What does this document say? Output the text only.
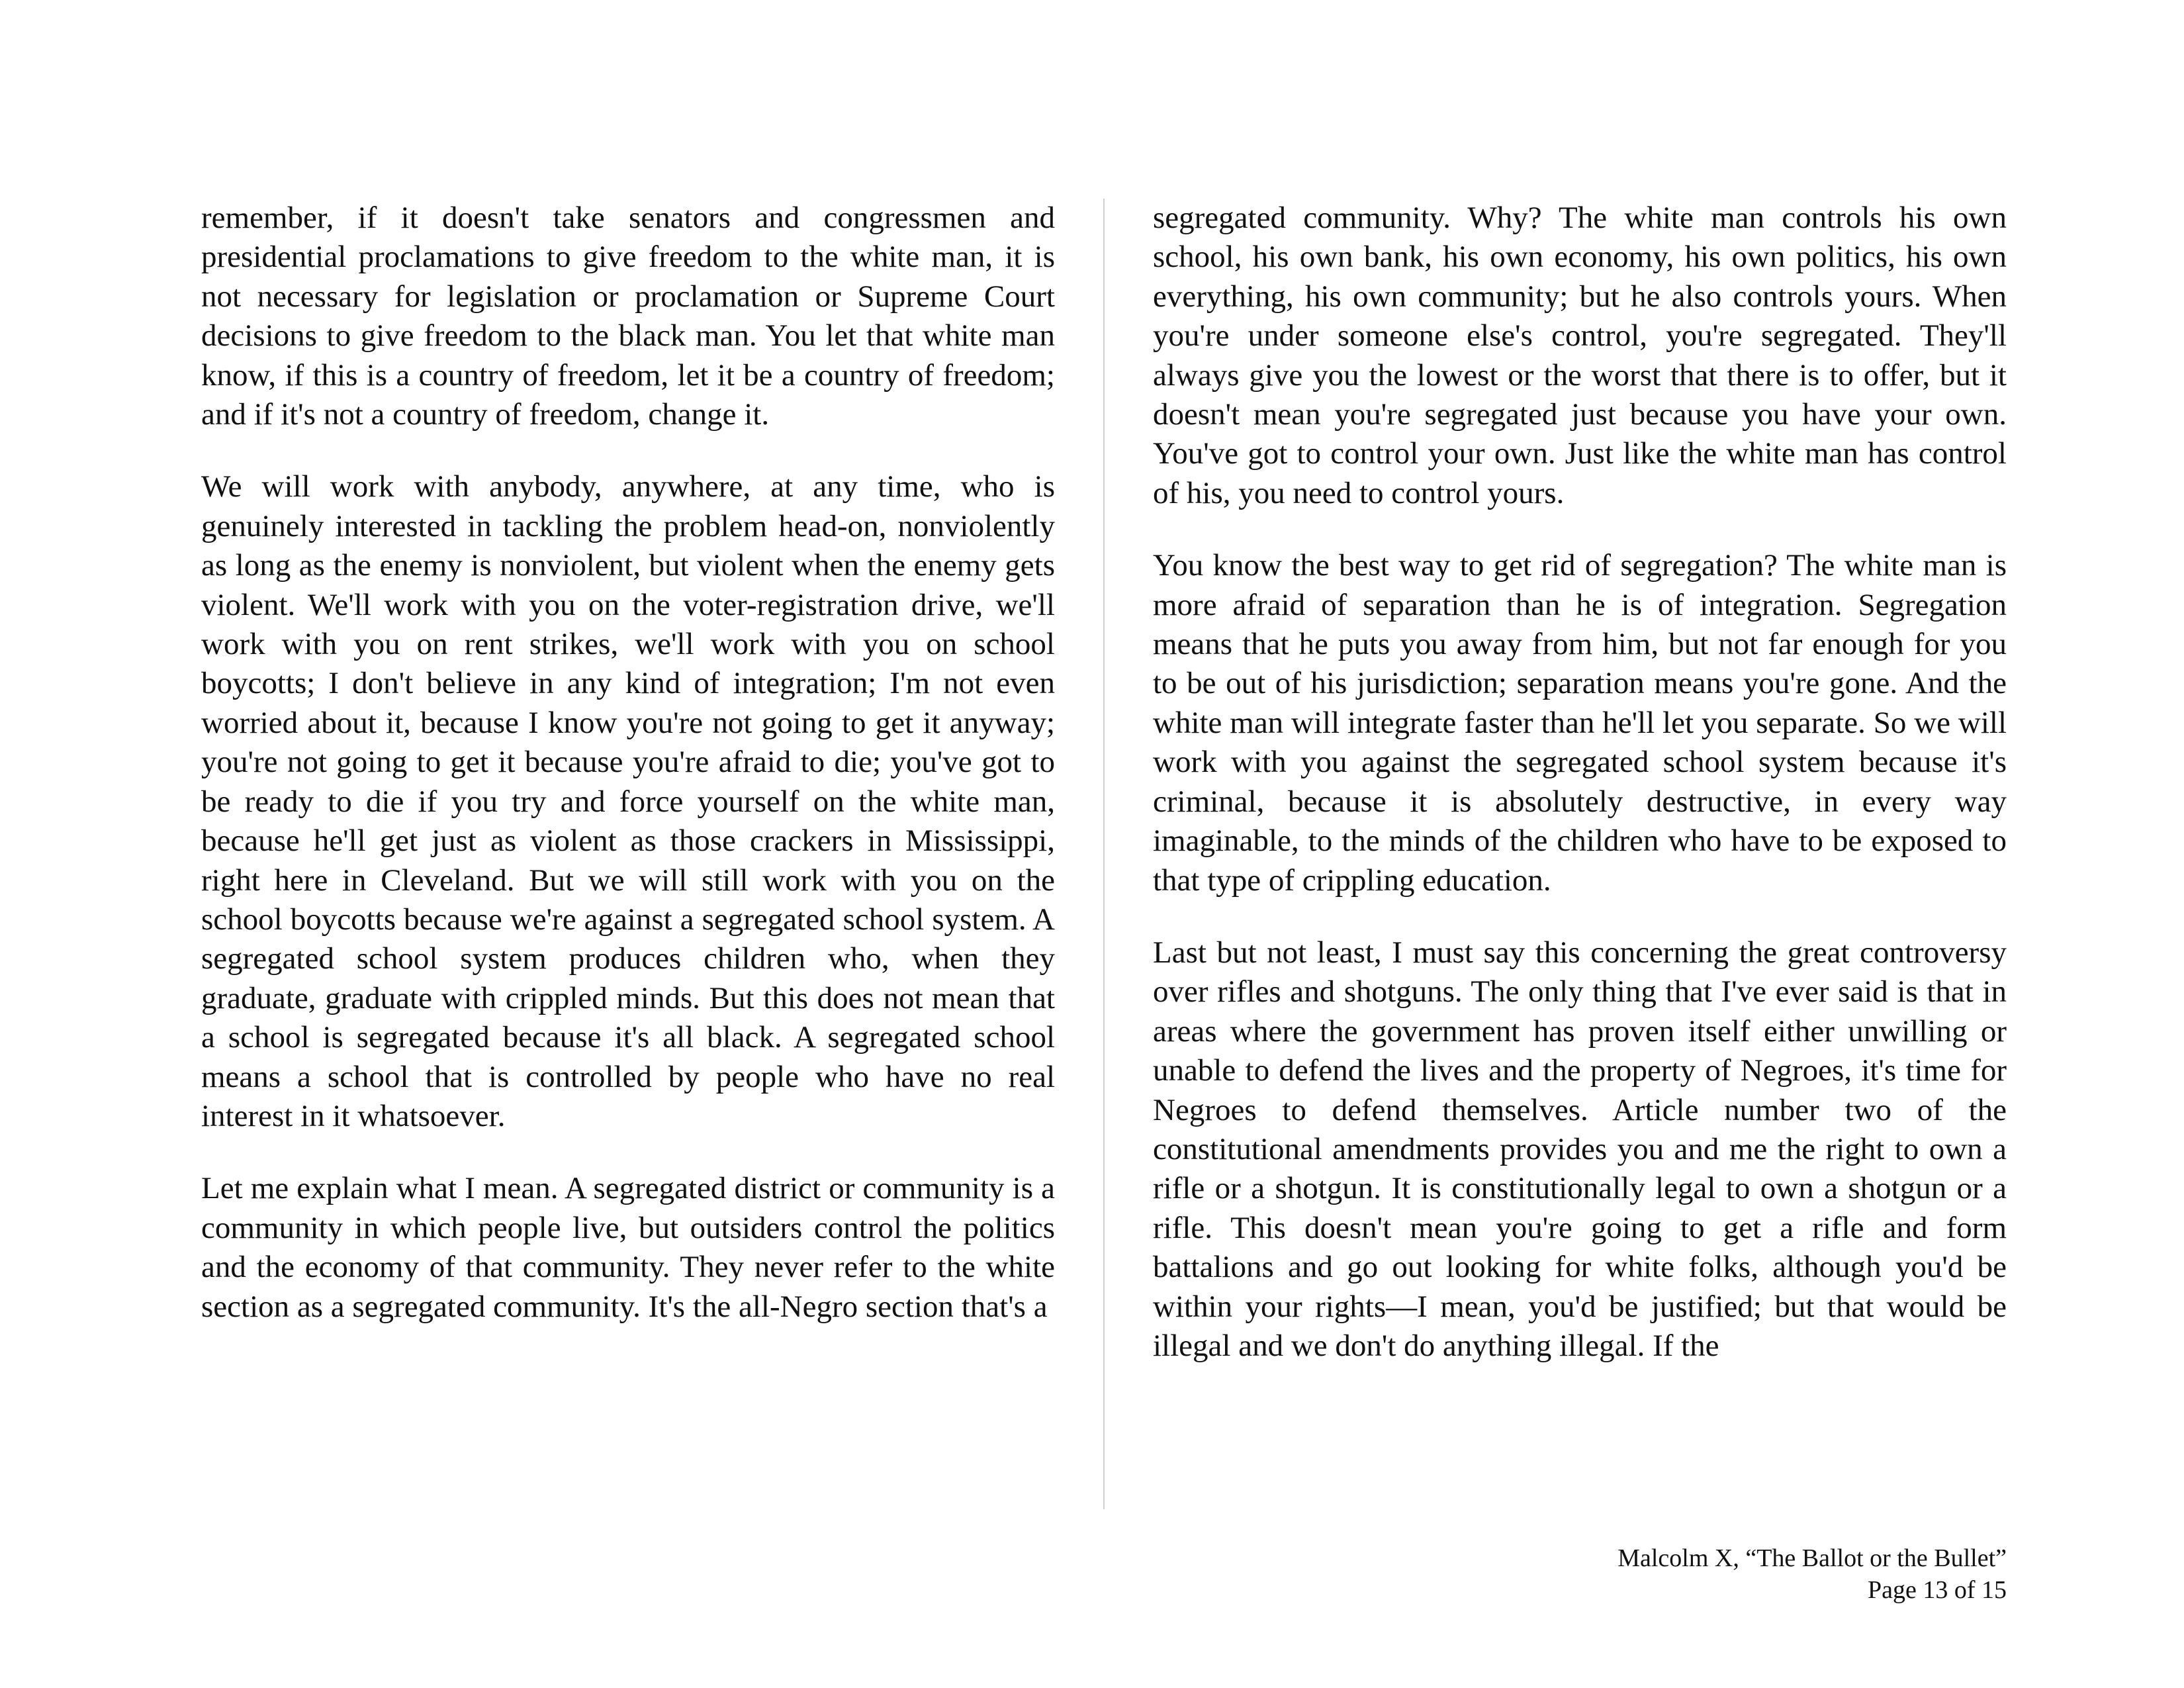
remember, if it doesn't take senators and congressmen and presidential proclamations to give freedom to the white man, it is not necessary for legislation or proclamation or Supreme Court decisions to give freedom to the black man. You let that white man know, if this is a country of freedom, let it be a country of freedom; and if it's not a country of freedom, change it.

We will work with anybody, anywhere, at any time, who is genuinely interested in tackling the problem head-on, nonviolently as long as the enemy is nonviolent, but violent when the enemy gets violent. We'll work with you on the voter-registration drive, we'll work with you on rent strikes, we'll work with you on school boycotts; I don't believe in any kind of integration; I'm not even worried about it, because I know you're not going to get it anyway; you're not going to get it because you're afraid to die; you've got to be ready to die if you try and force yourself on the white man, because he'll get just as violent as those crackers in Mississippi, right here in Cleveland. But we will still work with you on the school boycotts because we're against a segregated school system. A segregated school system produces children who, when they graduate, graduate with crippled minds. But this does not mean that a school is segregated because it's all black. A segregated school means a school that is controlled by people who have no real interest in it whatsoever.

Let me explain what I mean. A segregated district or community is a community in which people live, but outsiders control the politics and the economy of that community. They never refer to the white section as a segregated community. It's the all-Negro section that's a

segregated community. Why? The white man controls his own school, his own bank, his own economy, his own politics, his own everything, his own community; but he also controls yours. When you're under someone else's control, you're segregated. They'll always give you the lowest or the worst that there is to offer, but it doesn't mean you're segregated just because you have your own. You've got to control your own. Just like the white man has control of his, you need to control yours.

You know the best way to get rid of segregation? The white man is more afraid of separation than he is of integration. Segregation means that he puts you away from him, but not far enough for you to be out of his jurisdiction; separation means you're gone. And the white man will integrate faster than he'll let you separate. So we will work with you against the segregated school system because it's criminal, because it is absolutely destructive, in every way imaginable, to the minds of the children who have to be exposed to that type of crippling education.

Last but not least, I must say this concerning the great controversy over rifles and shotguns. The only thing that I've ever said is that in areas where the government has proven itself either unwilling or unable to defend the lives and the property of Negroes, it's time for Negroes to defend themselves. Article number two of the constitutional amendments provides you and me the right to own a rifle or a shotgun. It is constitutionally legal to own a shotgun or a rifle. This doesn't mean you're going to get a rifle and form battalions and go out looking for white folks, although you'd be within your rights—I mean, you'd be justified; but that would be illegal and we don't do anything illegal. If the

Malcolm X, “The Ballot or the Bullet”
Page 13 of 15
